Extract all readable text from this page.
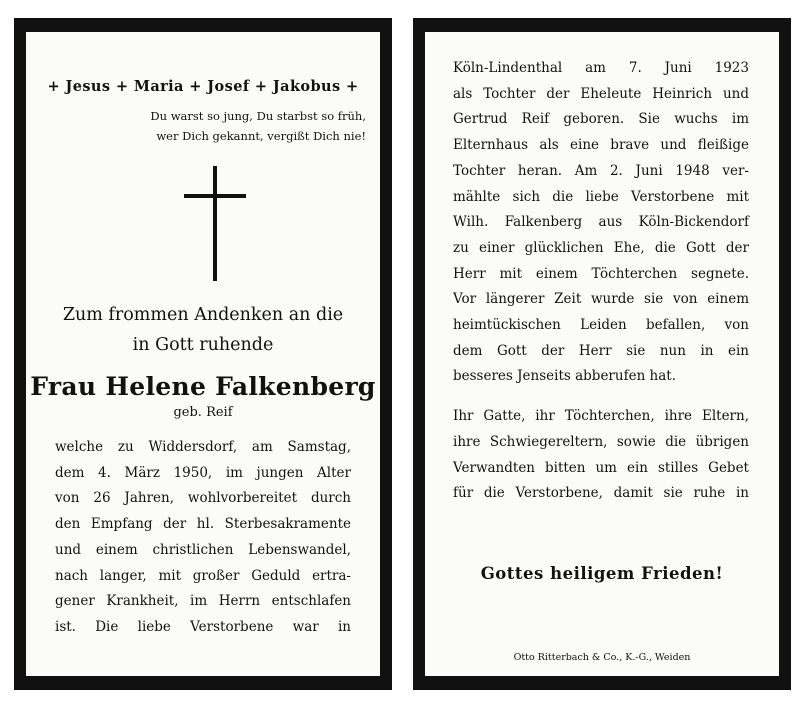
+ Jesus + Maria + Josef + Jakobus +
Du warst so jung, Du starbst so früh,
wer Dich gekannt, vergißt Dich nie!
Zum frommen Andenken an die
in Gott ruhende
Frau Helene Falkenberg
geb. Reif
welche zu Widdersdorf, am Samstag,
dem 4. März 1950, im jungen Alter
von 26 Jahren, wohlvorbereitet durch
den Empfang der hl. Sterbesakramente
und einem christlichen Lebenswandel,
nach langer, mit großer Geduld ertra-
gener Krankheit, im Herrn entschlafen
ist. Die liebe Verstorbene war in
Köln-Lindenthal am 7. Juni 1923
als Tochter der Eheleute Heinrich und
Gertrud Reif geboren. Sie wuchs im
Elternhaus als eine brave und fleißige
Tochter heran. Am 2. Juni 1948 ver-
mählte sich die liebe Verstorbene mit
Wilh. Falkenberg aus Köln-Bickendorf
zu einer glücklichen Ehe, die Gott der
Herr mit einem Töchterchen segnete.
Vor längerer Zeit wurde sie von einem
heimtückischen Leiden befallen, von
dem Gott der Herr sie nun in ein
besseres Jenseits abberufen hat.
Ihr Gatte, ihr Töchterchen, ihre Eltern,
ihre Schwiegereltern, sowie die übrigen
Verwandten bitten um ein stilles Gebet
für die Verstorbene, damit sie ruhe in
Gottes heiligem Frieden!
Otto Ritterbach & Co., K.-G., Weiden
